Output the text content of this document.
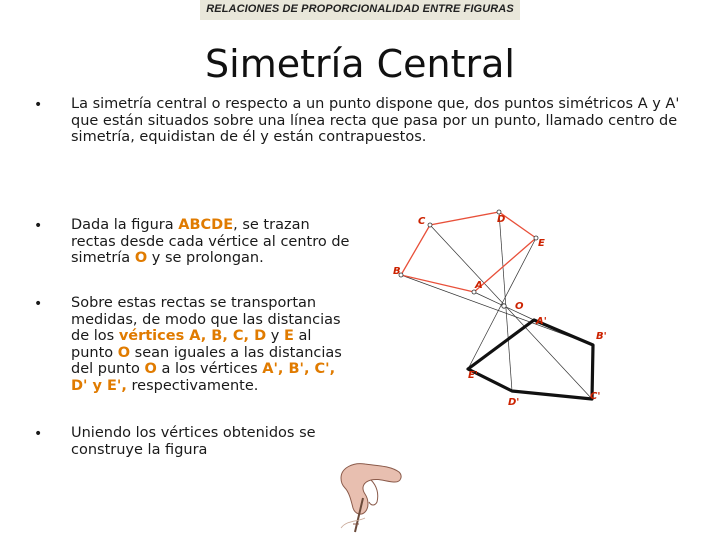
RELACIONES DE PROPORCIONALIDAD ENTRE FIGURAS
Simetría Central
• La simetría central o respecto a un punto dispone que, dos puntos simétricos A y A' que están situados sobre una línea recta que pasa por un punto, llamado centro de simetría, equidistan de él y están contrapuestos.
• Dada la figura ABCDE, se trazan rectas desde cada vértice al centro de simetría O y se prolongan.
• Sobre estas rectas se transportan medidas, de modo que las distancias de los vértices A, B, C, D y E al punto O sean iguales a las distancias del punto O a los vértices A', B', C', D' y E', respectivamente.
• Uniendo los vértices obtenidos se construye la figura
C	D
E
B
A
O
A'
B'
E'
D'
C'
